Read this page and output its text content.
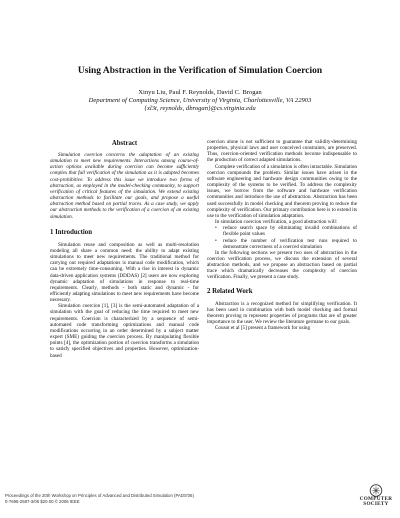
Using Abstraction in the Verification of Simulation Coercion
Xinyu Liu, Paul F. Reynolds, David C. Brogan
Department of Computing Science, University of Virginia, Charlottesville, VA 22903
{xl3t, reynolds, dbrogan}@cs.virginia.edu
Abstract

Simulation coercion concerns the adaptation of an existing simulation to meet new requirements. Interactions among course-of-action options available during coercion can become sufficiently complex that full verification of the simulation as it is adapted becomes cost-prohibitive. To address this issue we introduce two forms of abstraction, as employed in the model-checking community, to support verification of critical features of the simulation. We extend existing abstraction methods to facilitate our goals, and propose a useful abstraction method based on partial traces. As a case study, we apply our abstraction methods to the verification of a coercion of an existing simulation.

1 Introduction

Simulation reuse and composition as well as multi-resolution modeling all share a common need: the ability to adapt existing simulations to meet new requirements. The traditional method for carrying out required adaptations is manual code modification, which can be extremely time-consuming. With a rise in interest in dynamic data-driven application systems (DDDAS) [2] users are now exploring dynamic adaptation of simulations in response to real-time requirements. Clearly, methods - both static and dynamic - for efficiently adapting simulations to meet new requirements have become necessary.

Simulation coercion [1], [3] is the semi-automated adaptation of a simulation with the goal of reducing the time required to meet new requirements. Coercion is characterized by a sequence of semi-automated code transforming optimizations and manual code modifications occurring in an order determined by a subject matter expert (SME) guiding the coercion process. By manipulating flexible points [4], the optimization portion of coercion transforms a simulation to satisfy specified objectives and properties. However, optimization-based

coercion alone is not sufficient to guarantee that validity-determining properties, physical laws and user conceived constraints, are preserved. Thus, coercion-oriented verification methods become indispensable to the production of correct adapted simulations.

Complete verification of a simulation is often intractable. Simulation coercion compounds the problem. Similar issues have arisen in the software engineering and hardware design communities owing to the complexity of the systems to be verified. To address the complexity issues, we borrow from the software and hardware verification communities and introduce the use of abstraction. Abstraction has been used successfully in model checking and theorem proving to reduce the complexity of verification. Our primary contribution here is to extend its use to the verification of simulation adaptation.

In simulation coercion verification, a good abstraction will:

• reduce search space by eliminating invalid combinations of flexible point values
• reduce the number of verification test runs required to demonstrate correctness of a coerced simulation

In the following sections we present two uses of abstraction in the coercion verification process, we discuss the extension of several abstraction methods, and we propose an abstraction based on partial trace which dramatically decreases the complexity of coercion verification. Finally, we present a case study.

2 Related Work

Abstraction is a recognized method for simplifying verification. It has been used in combination with both model checking and formal theorem proving to represent properties of programs that are of greater importance to the user. We review the literature germane to our goals.

Cousot et al [5] present a framework for using

Proceedings of the 20th Workshop on Principles of Advanced and Distributed Simulation (PADS'06)
0-7695-2587-3/06 $20.00 © 2006 IEEE	COMPUTER
SOCIETY
